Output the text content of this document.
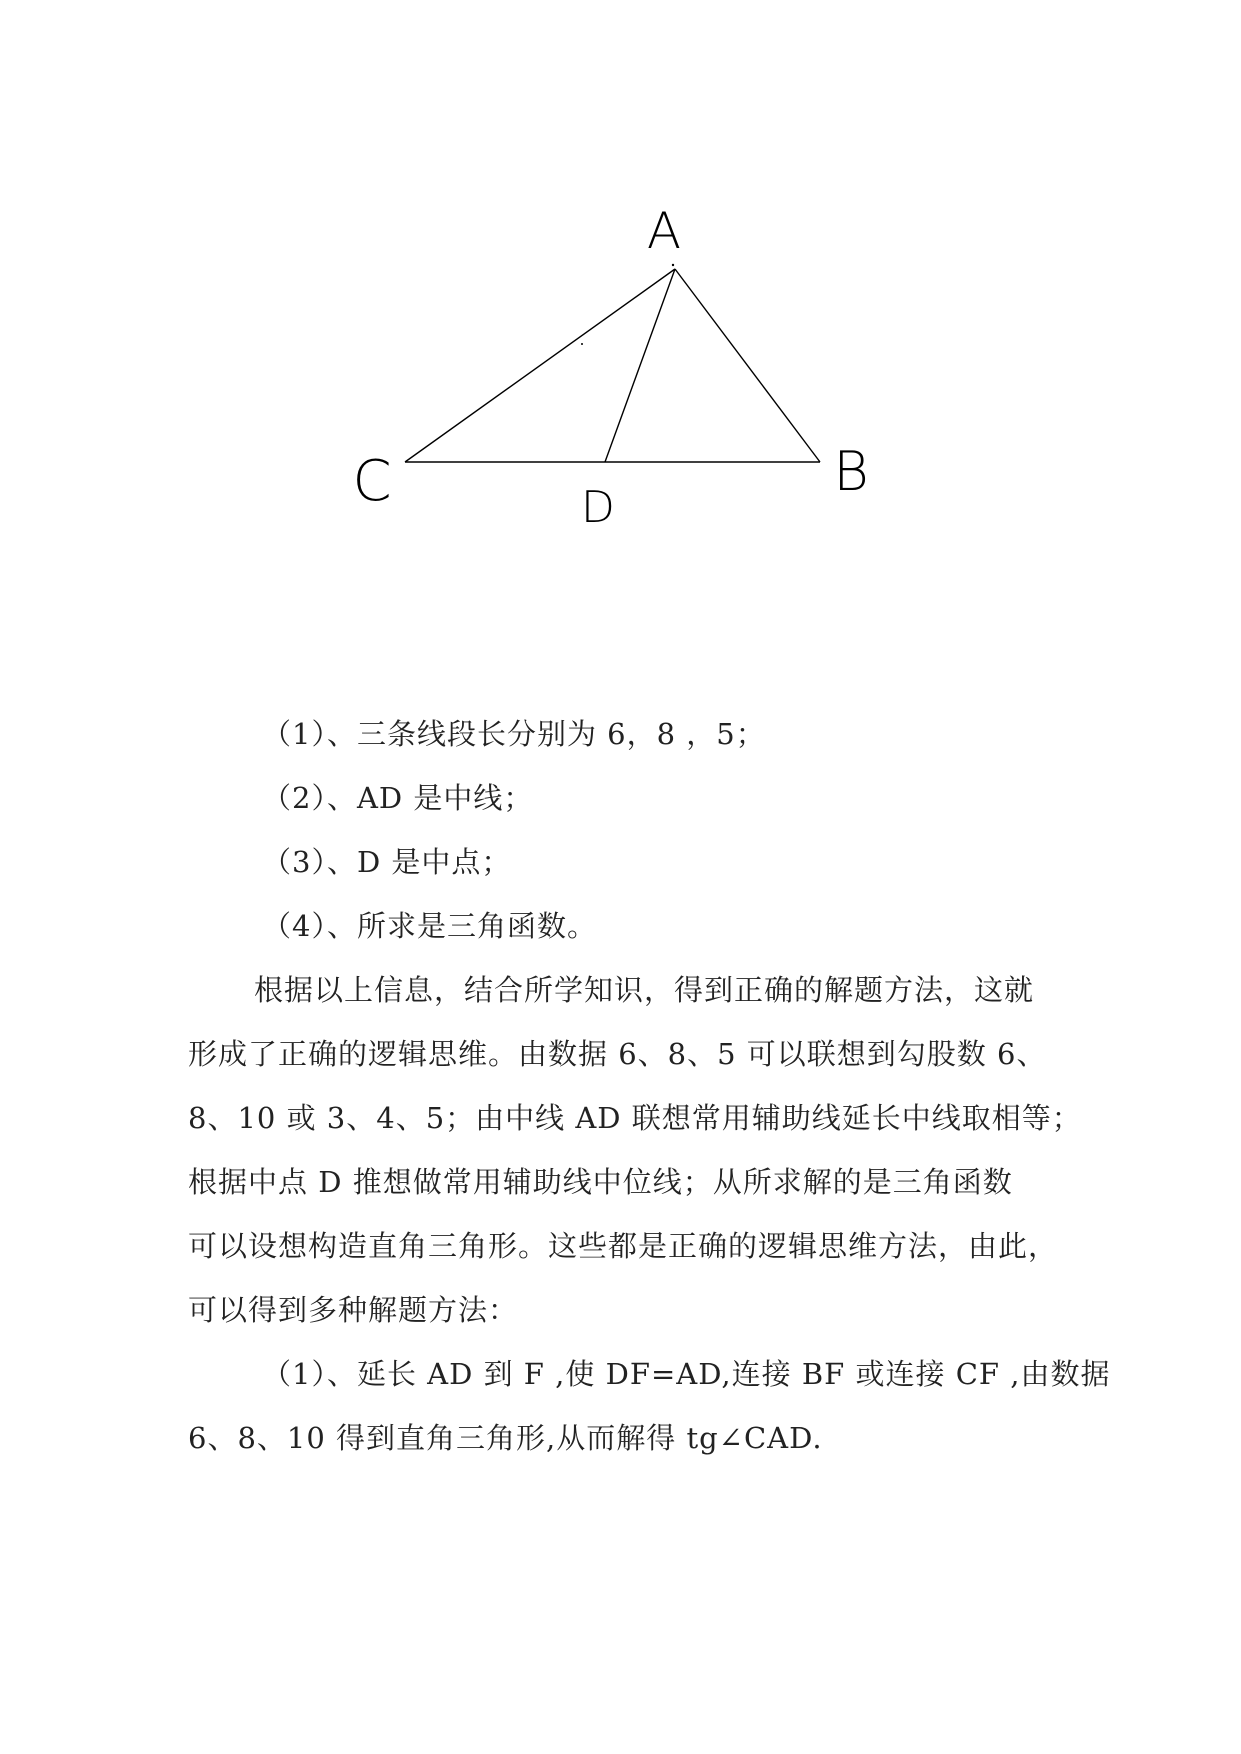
A
B
C	D
（1）、三条线段长分别为 6，8 ，5；
（2）、AD 是中线；
（3）、D 是中点；
（4）、所求是三角函数。
根据以上信息，结合所学知识，得到正确的解题方法，这就
形成了正确的逻辑思维。由数据 6、8、5 可以联想到勾股数 6、
8、10 或 3、4、5；由中线 AD 联想常用辅助线延长中线取相等；
根据中点 D 推想做常用辅助线中位线；从所求解的是三角函数
可以设想构造直角三角形。这些都是正确的逻辑思维方法，由此，
可以得到多种解题方法：
（1）、延长 AD 到 F ,使 DF=AD,连接 BF 或连接 CF ,由数据
6、8、10 得到直角三角形,从而解得 tg∠CAD.
